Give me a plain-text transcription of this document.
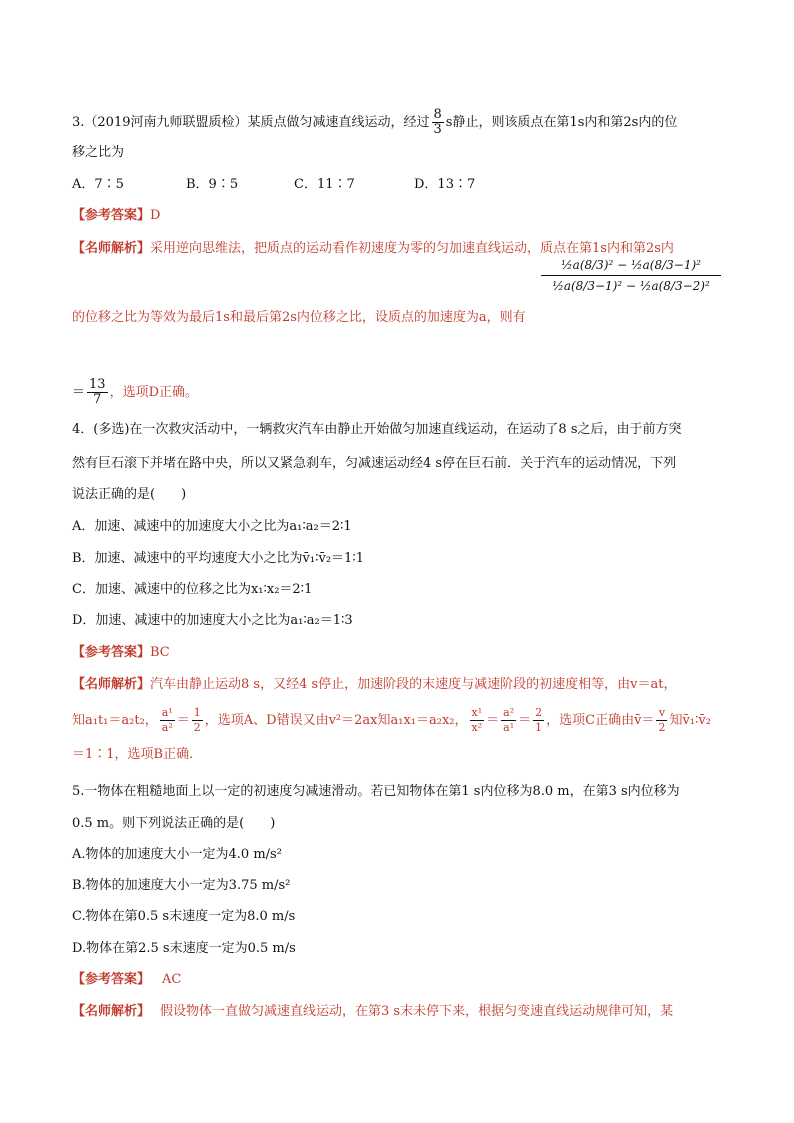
3.（2019河南九师联盟质检）某质点做匀减速直线运动，经过 $\frac{8}{3}$ s静止，则该质点在第1s内和第2s内的位
移之比为
A．7∶5	B．9∶5	C．11∶7	D．13∶7
【参考答案】D
【名师解析】采用逆向思维法，把质点的运动看作初速度为零的匀加速直线运动，质点在第1s内和第2s内
的位移之比为等效为最后1s和最后第2s内位移之比，设质点的加速度为a，则有
$\frac{\text{½a(8/3)² − ½a(8/3−1)²}}{\text{½a(8/3−1)² − ½a(8/3−2)²}}$
＝ $\frac{13}{7}$ ，选项D正确。
4．(多选)在一次救灾活动中，一辆救灾汽车由静止开始做匀加速直线运动，在运动了8 s之后，由于前方突
然有巨石滚下并堵在路中央，所以又紧急刹车，匀减速运动经4 s停在巨石前．关于汽车的运动情况，下列
说法正确的是(　　)
A．加速、减速中的加速度大小之比为a₁∶a₂＝2∶1
B．加速、减速中的平均速度大小之比为v̄₁∶v̄₂＝1∶1
C．加速、减速中的位移之比为x₁∶x₂＝2∶1
D．加速、减速中的加速度大小之比为a₁∶a₂＝1∶3
【参考答案】BC
【名师解析】汽车由静止运动8 s，又经4 s停止，加速阶段的末速度与减速阶段的初速度相等，由v＝at，
知a₁t₁＝a₂t₂， $\frac{\text{a¹}}{\text{a²}} = \frac{1}{2}$ ，选项A、D错误又由v²＝2ax知a₁x₁＝a₂x₂， $\frac{\text{x¹}}{\text{x²}} = \frac{\text{a²}}{\text{a¹}} = \frac{2}{1}$ ，选项C正确由v̄＝ $\frac{v}{2}$ 知v̄₁∶v̄₂
＝1∶1，选项B正确．
5.一物体在粗糙地面上以一定的初速度匀减速滑动。若已知物体在第1 s内位移为8.0 m，在第3 s内位移为
0.5 m。则下列说法正确的是(　　)
A.物体的加速度大小一定为4.0 m/s²
B.物体的加速度大小一定为3.75 m/s²
C.物体在第0.5 s末速度一定为8.0 m/s
D.物体在第2.5 s末速度一定为0.5 m/s
【参考答案】 AC
【名师解析】 假设物体一直做匀减速直线运动，在第3 s末未停下来，根据匀变速直线运动规律可知，某
